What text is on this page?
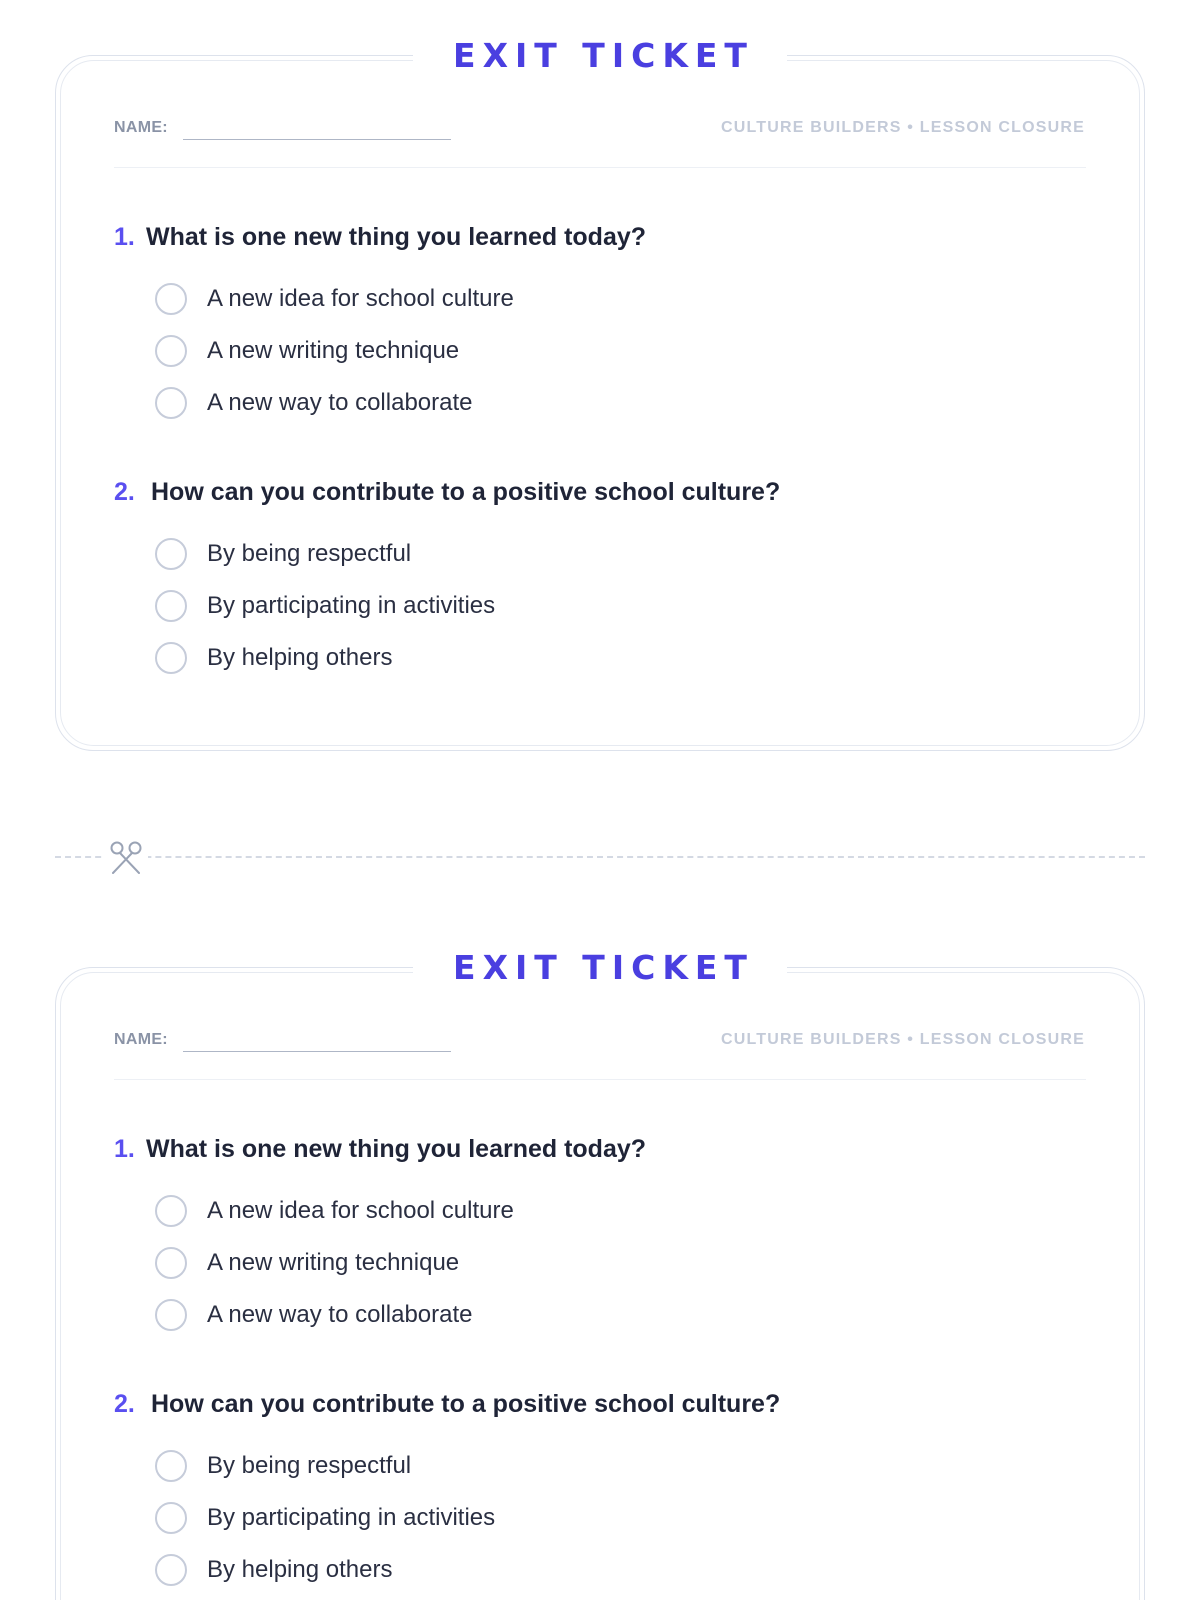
EXIT TICKET
NAME:	CULTURE BUILDERS • LESSON CLOSURE
1. What is one new thing you learned today?
A new idea for school culture
A new writing technique
A new way to collaborate
2. How can you contribute to a positive school culture?
By being respectful
By participating in activities
By helping others
EXIT TICKET
NAME:	CULTURE BUILDERS • LESSON CLOSURE
1. What is one new thing you learned today?
A new idea for school culture
A new writing technique
A new way to collaborate
2. How can you contribute to a positive school culture?
By being respectful
By participating in activities
By helping others
